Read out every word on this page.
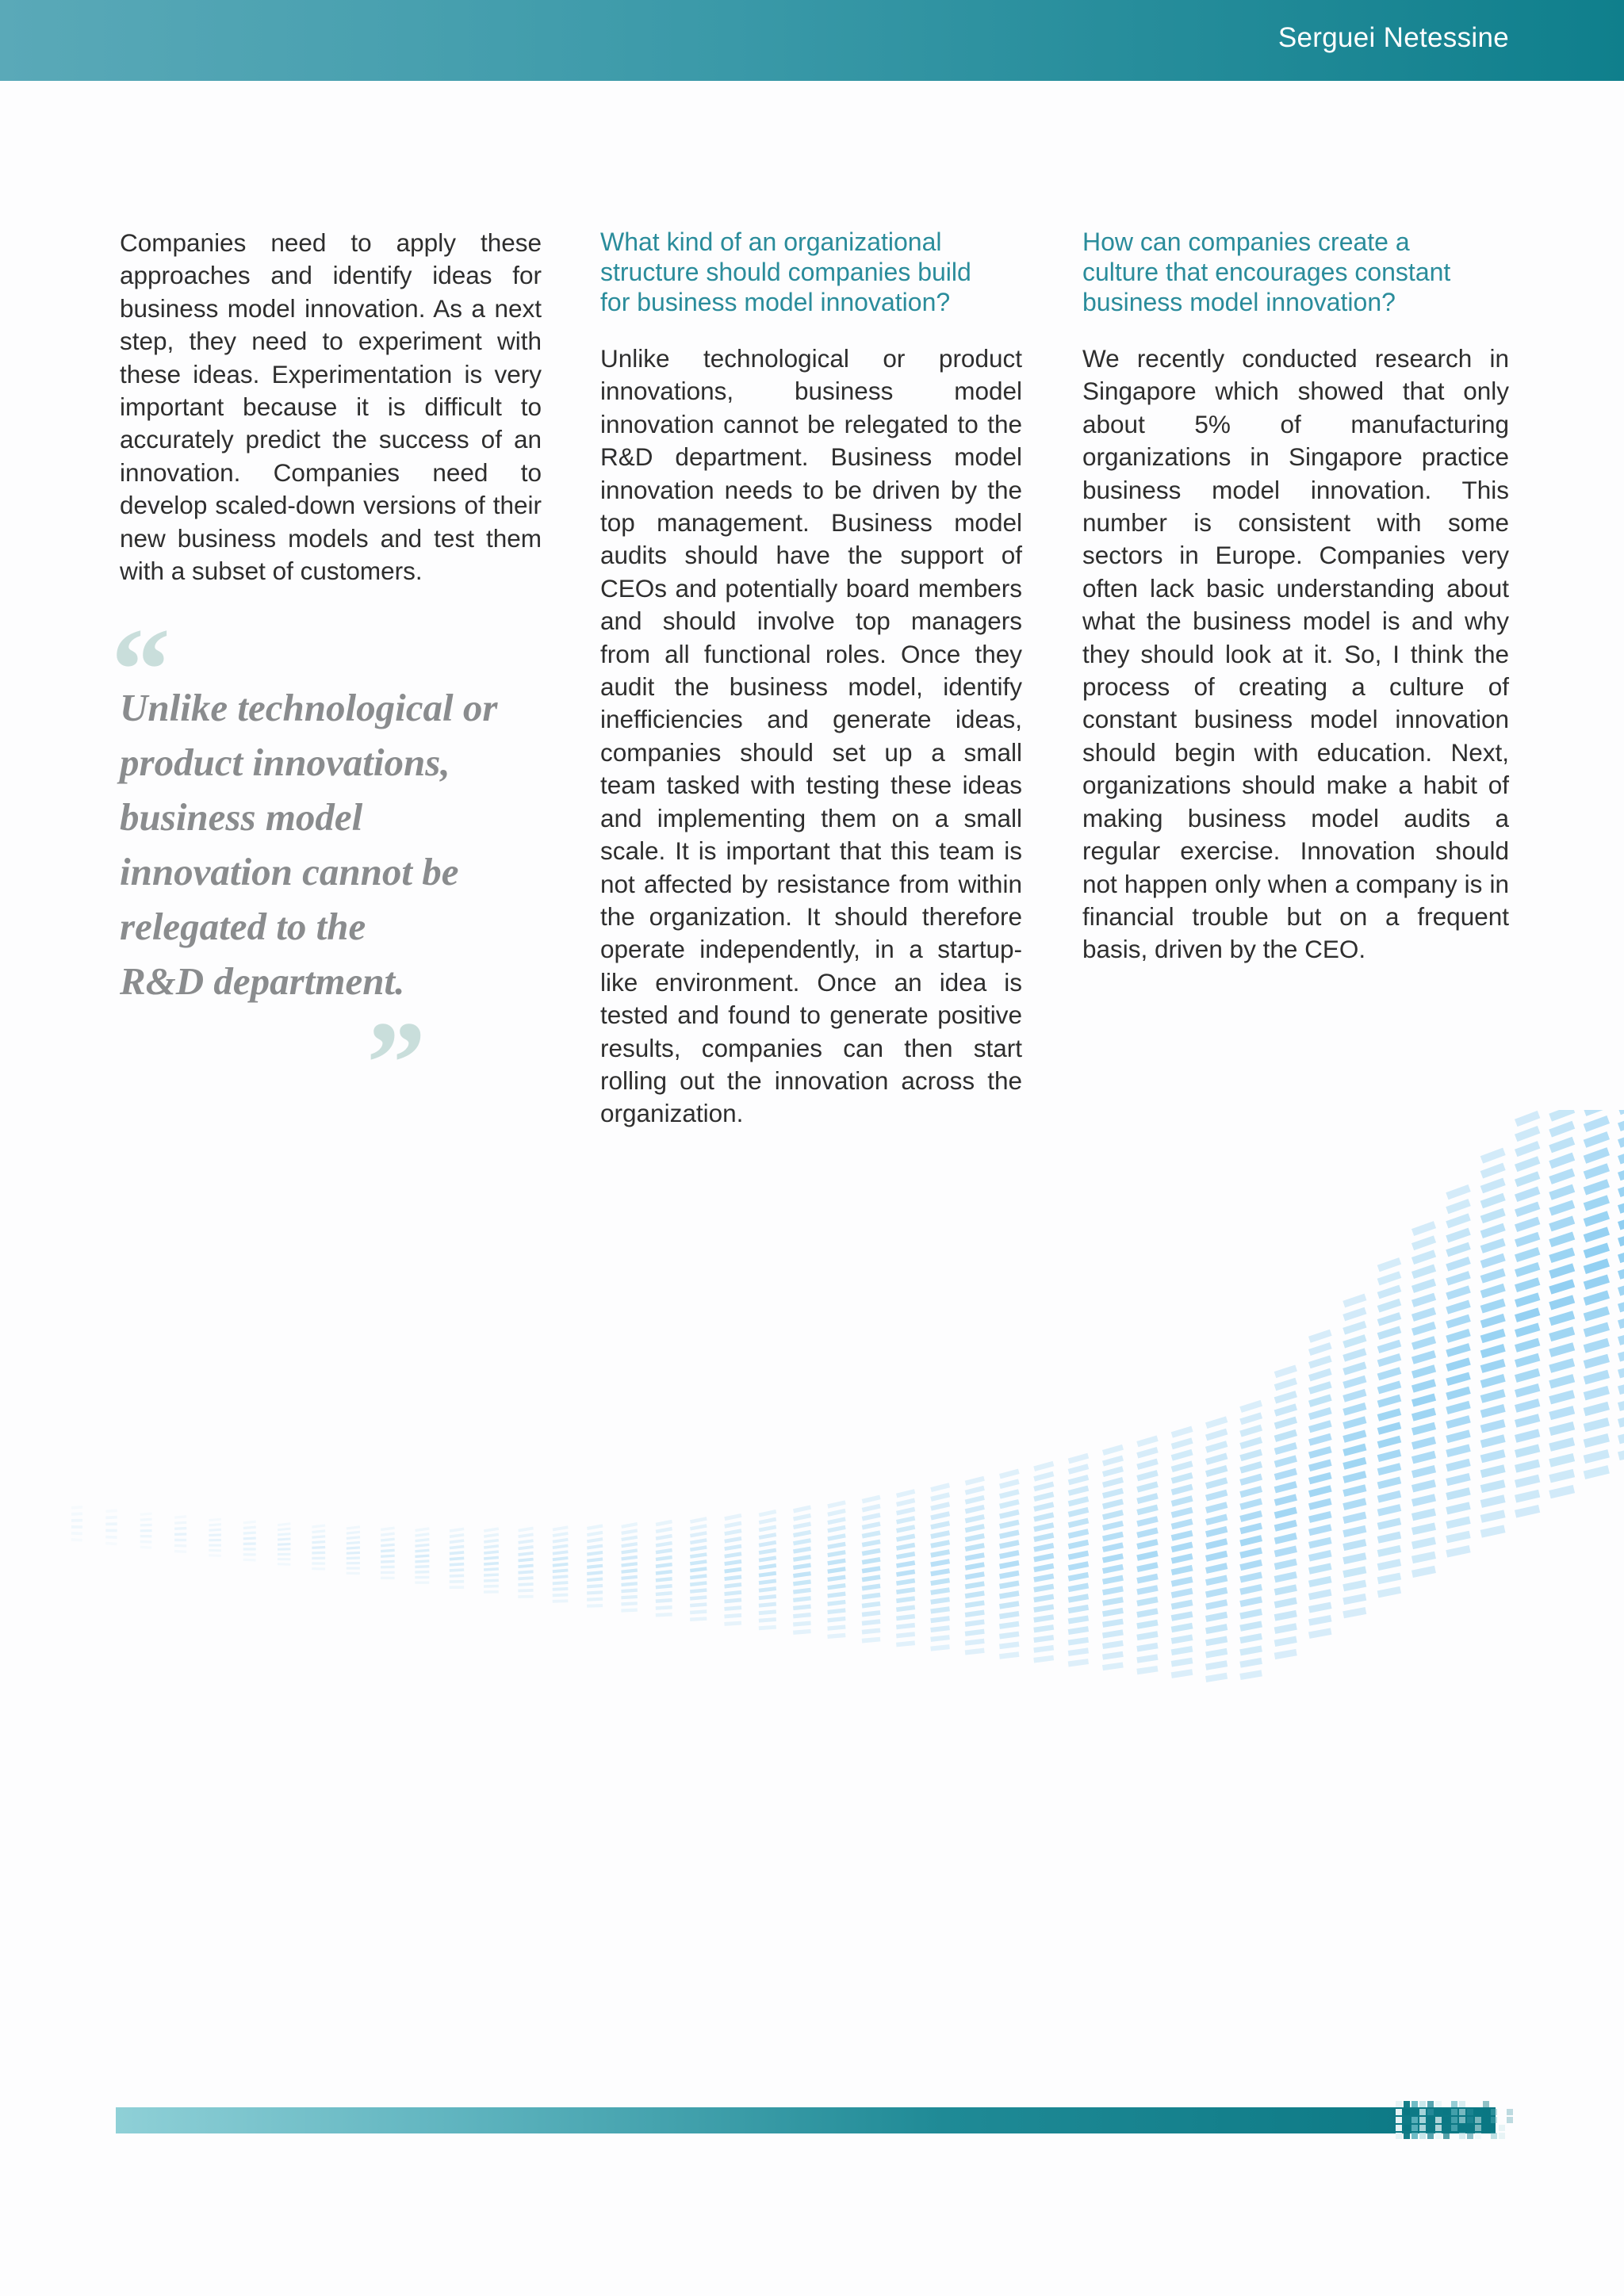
Serguei Netessine

Companies need to apply these approaches and identify ideas for business model innovation. As a next step, they need to experiment with these ideas. Experimentation is very important because it is difficult to accurately predict the success of an innovation. Companies need to develop scaled-down versions of their new business models and test them with a subset of customers.

“
Unlike technological or
product innovations,
business model
innovation cannot be
relegated to the
R&D department.
”

What kind of an organizational
structure should companies build
for business model innovation?

Unlike technological or product innovations, business model innovation cannot be relegated to the R&D department. Business model innovation needs to be driven by the top management. Business model audits should have the support of CEOs and potentially board members and should involve top managers from all functional roles. Once they audit the business model, identify inefficiencies and generate ideas, companies should set up a small team tasked with testing these ideas and implementing them on a small scale. It is important that this team is not affected by resistance from within the organization. It should therefore operate independently, in a startup-like environment. Once an idea is tested and found to generate positive results, companies can then start rolling out the innovation across the organization.

How can companies create a
culture that encourages constant
business model innovation?

We recently conducted research in Singapore which showed that only about 5% of manufacturing organizations in Singapore practice business model innovation. This number is consistent with some sectors in Europe. Companies very often lack basic understanding about what the business model is and why they should look at it. So, I think the process of creating a culture of constant business model innovation should begin with education. Next, organizations should make a habit of making business model audits a regular exercise. Innovation should not happen only when a company is in financial trouble but on a frequent basis, driven by the CEO.
